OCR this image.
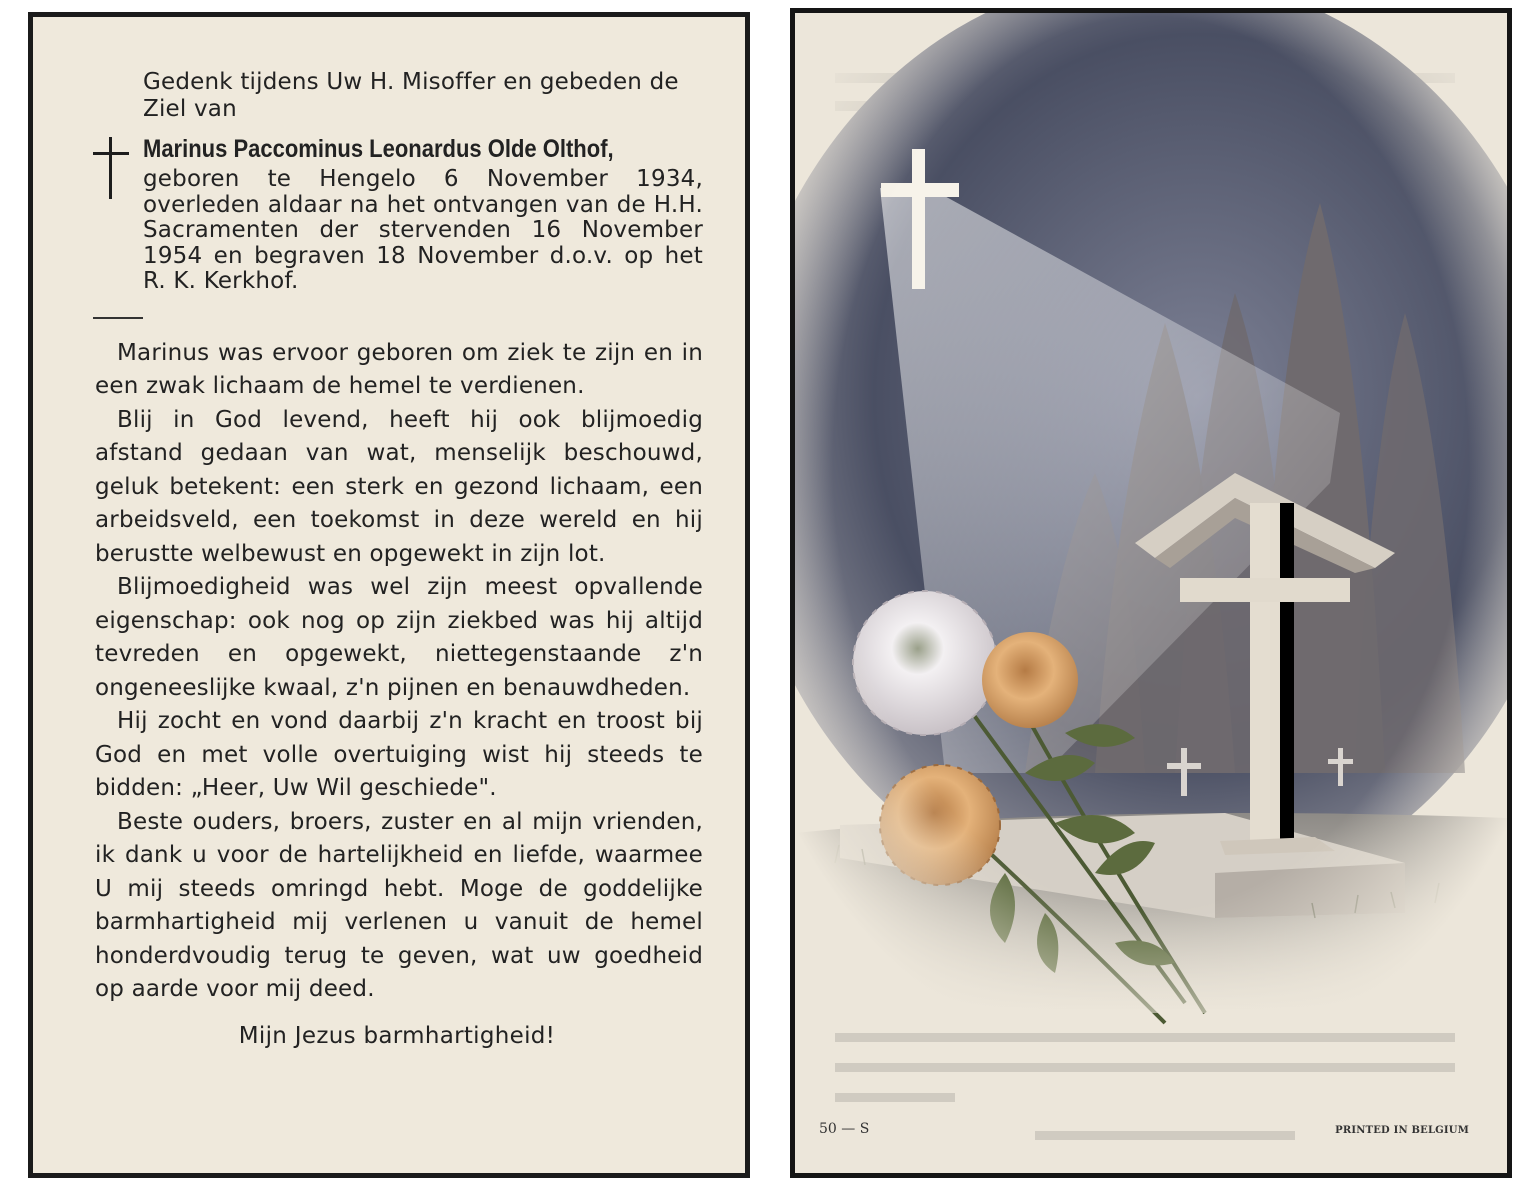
Gedenk tijdens Uw H. Misoffer en gebeden de Ziel van
Marinus Paccominus Leonardus Olde Olthof,
geboren te Hengelo 6 November 1934, overleden aldaar na het ontvangen van de H.H. Sacramenten der stervenden 16 November 1954 en begraven 18 November d.o.v. op het R. K. Kerkhof.

Marinus was ervoor geboren om ziek te zijn en in een zwak lichaam de hemel te verdienen.

Blij in God levend, heeft hij ook blijmoedig afstand gedaan van wat, menselijk beschouwd, geluk betekent: een sterk en gezond lichaam, een arbeidsveld, een toekomst in deze wereld en hij berustte welbewust en opgewekt in zijn lot.

Blijmoedigheid was wel zijn meest opvallende eigenschap: ook nog op zijn ziekbed was hij altijd tevreden en opgewekt, niettegenstaande z'n ongeneeslijke kwaal, z'n pijnen en benauwdheden.

Hij zocht en vond daarbij z'n kracht en troost bij God en met volle overtuiging wist hij steeds te bidden: „Heer, Uw Wil geschiede".

Beste ouders, broers, zuster en al mijn vrienden, ik dank u voor de hartelijkheid en liefde, waarmee U mij steeds omringd hebt. Moge de goddelijke barmhartigheid mij verlenen u vanuit de hemel honderdvoudig terug te geven, wat uw goedheid op aarde voor mij deed.

Mijn Jezus barmhartigheid!
50 — S	PRINTED IN BELGIUM
